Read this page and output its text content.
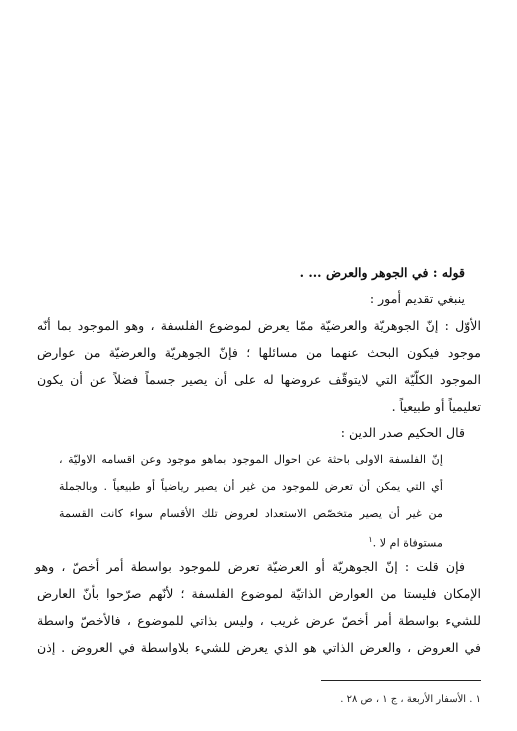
قوله : في الجوهر والعرض ... .
ينبغي تقديم أمور :
الأوّل : إنّ الجوهريّة والعرضيّة ممّا يعرض لموضوع الفلسفة ، وهو الموجود بما أنّه
موجود فيكون البحث عنهما من مسائلها ؛ فإنّ الجوهريّة والعرضيّة من عوارض
الموجود الكلّيّة التي لايتوقّف عروضها له على أن يصير جسماً فضلاً عن أن يكون
تعليمياً أو طبيعياً .
قال الحكيم صدر الدين :
إنّ الفلسفة الاولى باحثة عن احوال الموجود بماهو موجود وعن اقسامه الاوليّة ،
أي التي يمكن أن تعرض للموجود من غير أن يصير رياضياً أو طبيعياً . وبالجملة
من غير أن يصير متخصّص الاستعداد لعروض تلك الأقسام سواء كانت القسمة
مستوفاة ام لا .$^١$
فإن قلت : إنّ الجوهريّة أو العرضيّة تعرض للموجود بواسطة أمر أخصّ ، وهو
الإمكان فليستا من العوارض الذاتيّة لموضوع الفلسفة ؛ لأنّهم صرّحوا بأنّ العارض
للشيء بواسطة أمر أخصّ عرض غريب ، وليس بذاتي للموضوع ، فالأخصّ واسطة
في العروض ، والعرض الذاتي هو الذي يعرض للشيء بلاواسطة في العروض . إذن
١ . الأسفار الأربعة ، ج ١ ، ص ٢٨ .
